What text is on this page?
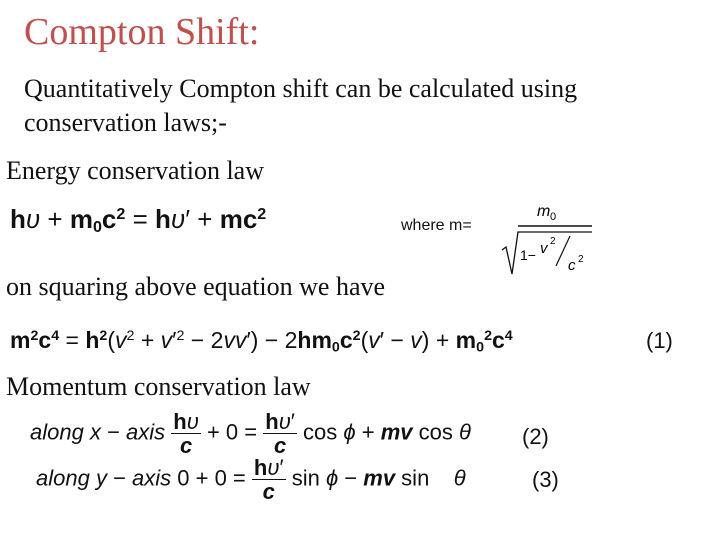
Compton Shift:
Quantitatively Compton shift can be calculated using
conservation laws;-
Energy conservation law
$h\upsilon + m_0c^2 = h\upsilon' + mc^2$
where m=
m 0
1− v 2
c 2
on squaring above equation we have
$m^2c^4 = h^2(v^2 + v'^2 - 2vv') - 2hm_0c^2(v' - v) + m_0^2c^4$	(1)
Momentum conservation law
along x − axis $\frac{h\upsilon}{c} + 0 = \frac{h\upsilon'}{c}$ cos ϕ + mv cos θ (2)
along y − axis $0 + 0 = \frac{h\upsilon'}{c}$ sin ϕ − mv sin    θ	(3)
